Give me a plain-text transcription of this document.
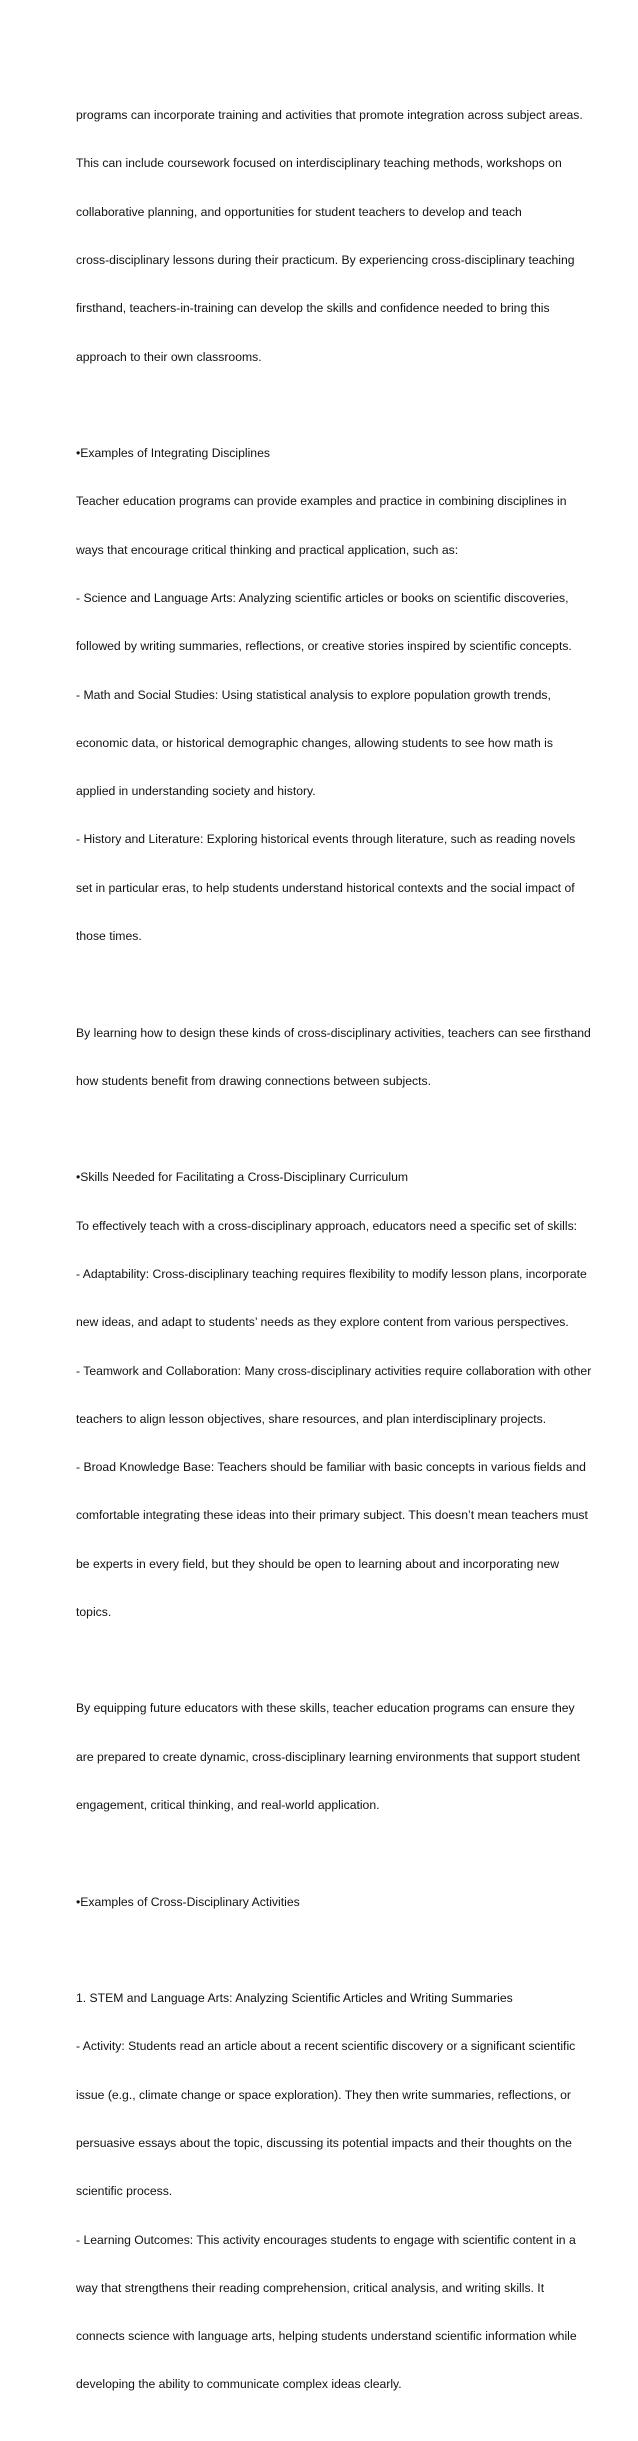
programs can incorporate training and activities that promote integration across subject areas.

This can include coursework focused on interdisciplinary teaching methods, workshops on

collaborative planning, and opportunities for student teachers to develop and teach

cross-disciplinary lessons during their practicum. By experiencing cross-disciplinary teaching

firsthand, teachers-in-training can develop the skills and confidence needed to bring this

approach to their own classrooms.

•Examples of Integrating Disciplines

Teacher education programs can provide examples and practice in combining disciplines in

ways that encourage critical thinking and practical application, such as:

- Science and Language Arts: Analyzing scientific articles or books on scientific discoveries,

followed by writing summaries, reflections, or creative stories inspired by scientific concepts.

- Math and Social Studies: Using statistical analysis to explore population growth trends,

economic data, or historical demographic changes, allowing students to see how math is

applied in understanding society and history.

- History and Literature: Exploring historical events through literature, such as reading novels

set in particular eras, to help students understand historical contexts and the social impact of

those times.

By learning how to design these kinds of cross-disciplinary activities, teachers can see firsthand

how students benefit from drawing connections between subjects.

•Skills Needed for Facilitating a Cross-Disciplinary Curriculum

To effectively teach with a cross-disciplinary approach, educators need a specific set of skills:

- Adaptability: Cross-disciplinary teaching requires flexibility to modify lesson plans, incorporate

new ideas, and adapt to students’ needs as they explore content from various perspectives.

- Teamwork and Collaboration: Many cross-disciplinary activities require collaboration with other

teachers to align lesson objectives, share resources, and plan interdisciplinary projects.

- Broad Knowledge Base: Teachers should be familiar with basic concepts in various fields and

comfortable integrating these ideas into their primary subject. This doesn’t mean teachers must

be experts in every field, but they should be open to learning about and incorporating new

topics.

By equipping future educators with these skills, teacher education programs can ensure they

are prepared to create dynamic, cross-disciplinary learning environments that support student

engagement, critical thinking, and real-world application.

•Examples of Cross-Disciplinary Activities

1. STEM and Language Arts: Analyzing Scientific Articles and Writing Summaries

- Activity: Students read an article about a recent scientific discovery or a significant scientific

issue (e.g., climate change or space exploration). They then write summaries, reflections, or

persuasive essays about the topic, discussing its potential impacts and their thoughts on the

scientific process.

- Learning Outcomes: This activity encourages students to engage with scientific content in a

way that strengthens their reading comprehension, critical analysis, and writing skills. It

connects science with language arts, helping students understand scientific information while

developing the ability to communicate complex ideas clearly.
